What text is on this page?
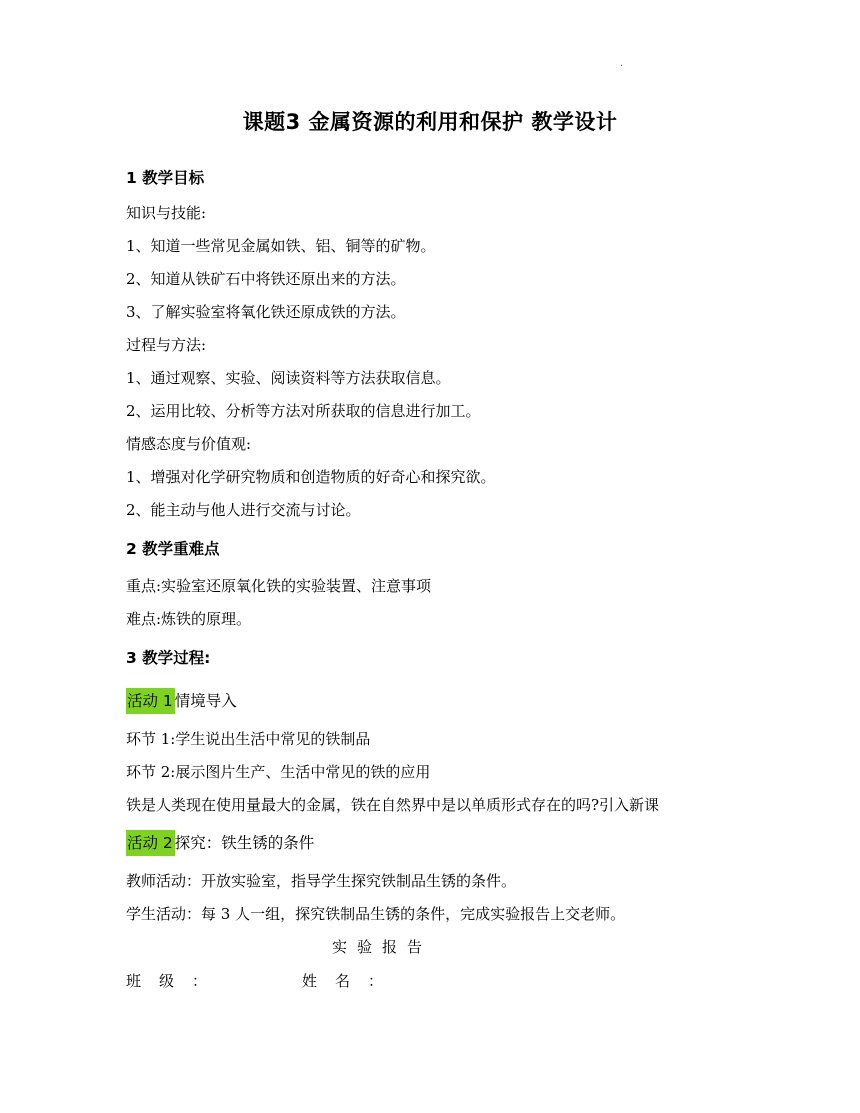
.
课题3 金属资源的利用和保护 教学设计
1 教学目标
知识与技能:
1、知道一些常见金属如铁、铝、铜等的矿物。
2、知道从铁矿石中将铁还原出来的方法。
3、了解实验室将氧化铁还原成铁的方法。
过程与方法:
1、通过观察、实验、阅读资料等方法获取信息。
2、运用比较、分析等方法对所获取的信息进行加工。
情感态度与价值观:
1、增强对化学研究物质和创造物质的好奇心和探究欲。
2、能主动与他人进行交流与讨论。
2 教学重难点
重点:实验室还原氧化铁的实验装置、注意事项
难点:炼铁的原理。
3 教学过程:
活动 1 情境导入
环节 1:学生说出生活中常见的铁制品
环节 2:展示图片生产、生活中常见的铁的应用
铁是人类现在使用量最大的金属，铁在自然界中是以单质形式存在的吗?引入新课
活动 2 探究：铁生锈的条件
教师活动：开放实验室，指导学生探究铁制品生锈的条件。
学生活动：每 3 人一组，探究铁制品生锈的条件，完成实验报告上交老师。
实验报告
班级：	姓名：
